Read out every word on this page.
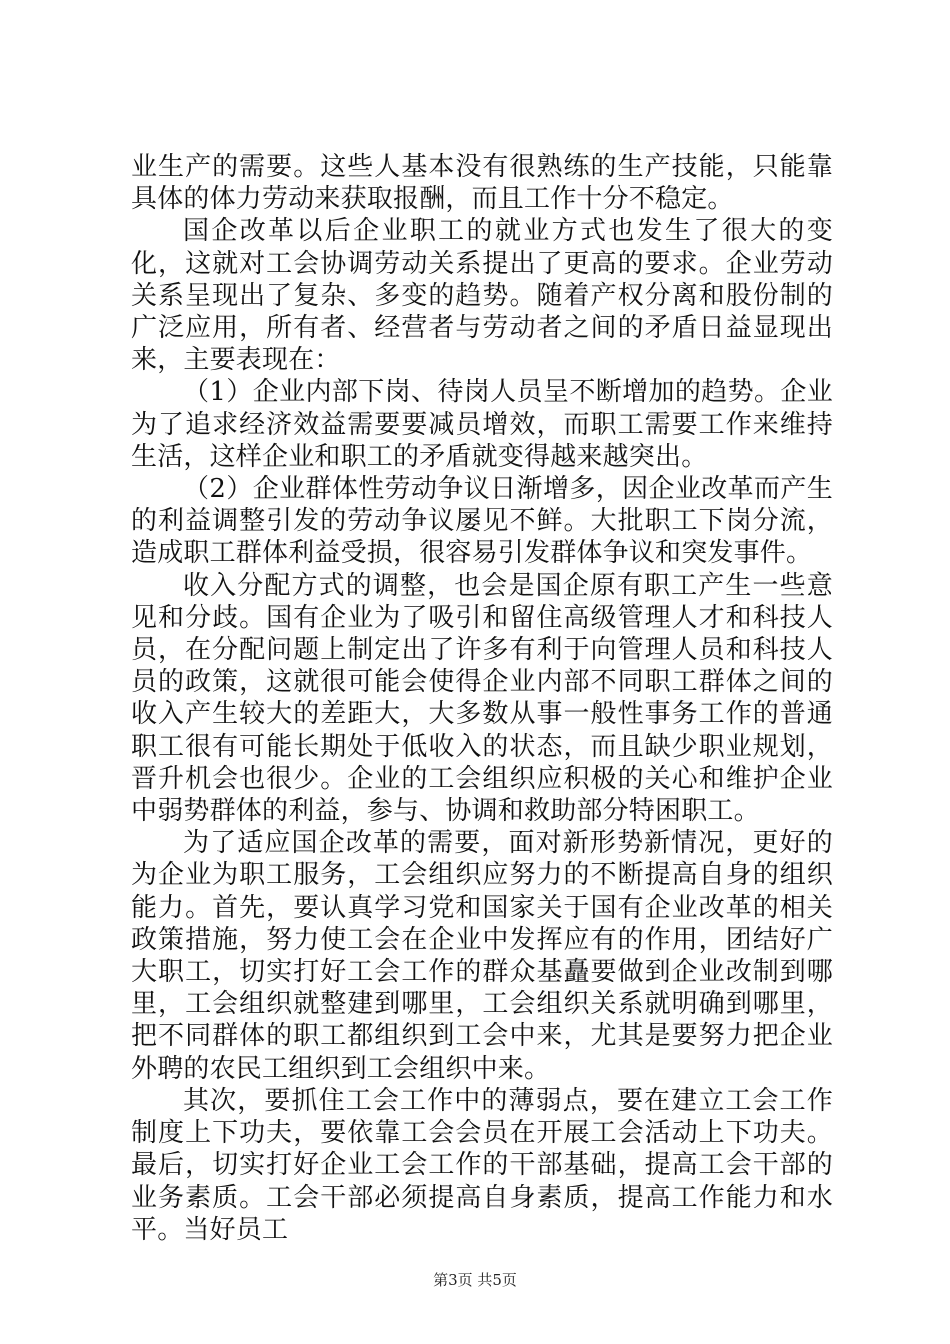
业生产的需要。这些人基本没有很熟练的生产技能，只能靠具体的体力劳动来获取报酬，而且工作十分不稳定。

国企改革以后企业职工的就业方式也发生了很大的变化，这就对工会协调劳动关系提出了更高的要求。企业劳动关系呈现出了复杂、多变的趋势。随着产权分离和股份制的广泛应用，所有者、经营者与劳动者之间的矛盾日益显现出来，主要表现在：

（1）企业内部下岗、待岗人员呈不断增加的趋势。企业为了追求经济效益需要要减员增效，而职工需要工作来维持生活，这样企业和职工的矛盾就变得越来越突出。

（2）企业群体性劳动争议日渐增多，因企业改革而产生的利益调整引发的劳动争议屡见不鲜。大批职工下岗分流，造成职工群体利益受损，很容易引发群体争议和突发事件。

收入分配方式的调整，也会是国企原有职工产生一些意见和分歧。国有企业为了吸引和留住高级管理人才和科技人员，在分配问题上制定出了许多有利于向管理人员和科技人员的政策，这就很可能会使得企业内部不同职工群体之间的收入产生较大的差距大，大多数从事一般性事务工作的普通职工很有可能长期处于低收入的状态，而且缺少职业规划，晋升机会也很少。企业的工会组织应积极的关心和维护企业中弱势群体的利益，参与、协调和救助部分特困职工。

为了适应国企改革的需要，面对新形势新情况，更好的为企业为职工服务，工会组织应努力的不断提高自身的组织能力。首先，要认真学习党和国家关于国有企业改革的相关政策措施，努力使工会在企业中发挥应有的作用，团结好广大职工，切实打好工会工作的群众基矗要做到企业改制到哪里，工会组织就整建到哪里，工会组织关系就明确到哪里，把不同群体的职工都组织到工会中来，尤其是要努力把企业外聘的农民工组织到工会组织中来。

其次，要抓住工会工作中的薄弱点，要在建立工会工作制度上下功夫，要依靠工会会员在开展工会活动上下功夫。最后，切实打好企业工会工作的干部基础，提高工会干部的业务素质。工会干部必须提高自身素质，提高工作能力和水平。当好员工

第3页 共5页
